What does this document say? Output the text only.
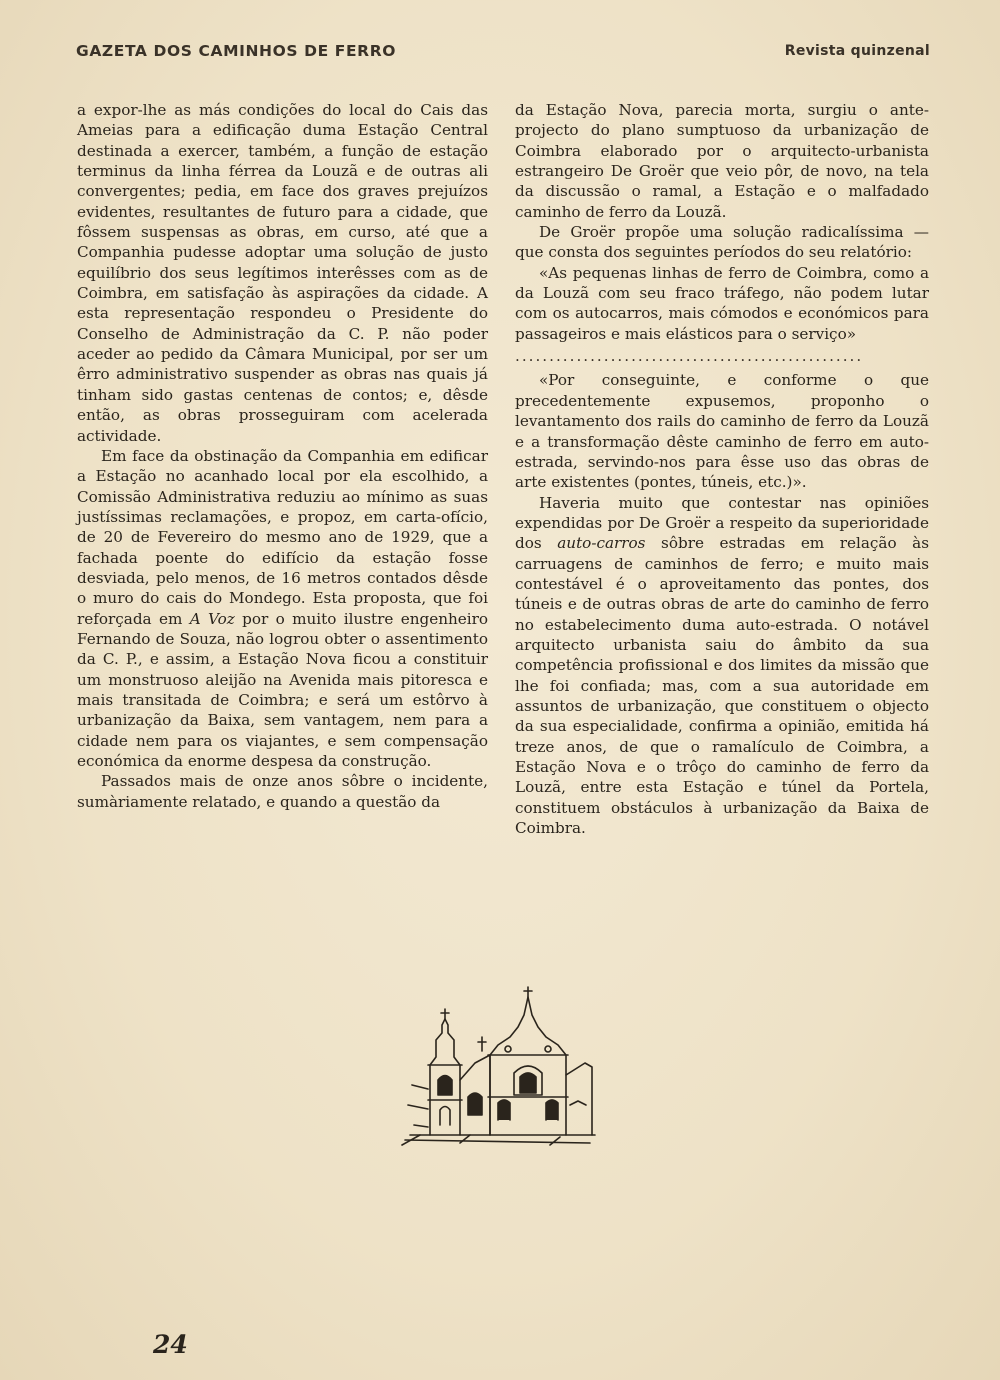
GAZETA DOS CAMINHOS DE FERRO	Revista quinzenal

a expor-lhe as más condições do local do Cais das Ameias para a edificação duma Estação Central destinada a exercer, também, a função de estação terminus da linha férrea da Louzã e de outras ali convergentes; pedia, em face dos graves prejuízos evidentes, resultantes de futuro para a cidade, que fôssem suspensas as obras, em curso, até que a Companhia pudesse adoptar uma solução de justo equilíbrio dos seus legítimos interêsses com as de Coimbra, em satisfação às aspirações da cidade. A esta representação respondeu o Presidente do Conselho de Administração da C. P. não poder aceder ao pedido da Câmara Municipal, por ser um êrro administrativo suspender as obras nas quais já tinham sido gastas centenas de contos; e, dêsde então, as obras prosseguiram com acelerada actividade.

Em face da obstinação da Companhia em edificar a Estação no acanhado local por ela escolhido, a Comissão Administrativa reduziu ao mínimo as suas justíssimas reclamações, e propoz, em carta-ofício, de 20 de Fevereiro do mesmo ano de 1929, que a fachada poente do edifício da estação fosse desviada, pelo menos, de 16 metros contados dêsde o muro do cais do Mondego. Esta proposta, que foi reforçada em A Voz por o muito ilustre engenheiro Fernando de Souza, não logrou obter o assentimento da C. P., e assim, a Estação Nova ficou a constituir um monstruoso aleijão na Avenida mais pitoresca e mais transitada de Coimbra; e será um estôrvo à urbanização da Baixa, sem vantagem, nem para a cidade nem para os viajantes, e sem compensação económica da enorme despesa da construção.

Passados mais de onze anos sôbre o incidente, sumàriamente relatado, e quando a questão da

da Estação Nova, parecia morta, surgiu o ante-projecto do plano sumptuoso da urbanização de Coimbra elaborado por o arquitecto-urbanista estrangeiro De Groër que veio pôr, de novo, na tela da discussão o ramal, a Estação e o malfadado caminho de ferro da Louzã.

De Groër propõe uma solução radicalíssima — que consta dos seguintes períodos do seu relatório:

«As pequenas linhas de ferro de Coimbra, como a da Louzã com seu fraco tráfego, não podem lutar com os autocarros, mais cómodos e económicos para passageiros e mais elásticos para o serviço»

...................................................

«Por conseguinte, e conforme o que precedentemente expusemos, proponho o levantamento dos rails do caminho de ferro da Louzã e a transformação dêste caminho de ferro em auto-estrada, servindo-nos para êsse uso das obras de arte existentes (pontes, túneis, etc.)».

Haveria muito que contestar nas opiniões expendidas por De Groër a respeito da superioridade dos auto-carros sôbre estradas em relação às carruagens de caminhos de ferro; e muito mais contestável é o aproveitamento das pontes, dos túneis e de outras obras de arte do caminho de ferro no estabelecimento duma auto-estrada. O notável arquitecto urbanista saiu do âmbito da sua competência profissional e dos limites da missão que lhe foi confiada; mas, com a sua autoridade em assuntos de urbanização, que constituem o objecto da sua especialidade, confirma a opinião, emitida há treze anos, de que o ramalículo de Coimbra, a Estação Nova e o trôço do caminho de ferro da Louzã, entre esta Estação e túnel da Portela, constituem obstáculos à urbanização da Baixa de Coimbra.

24
